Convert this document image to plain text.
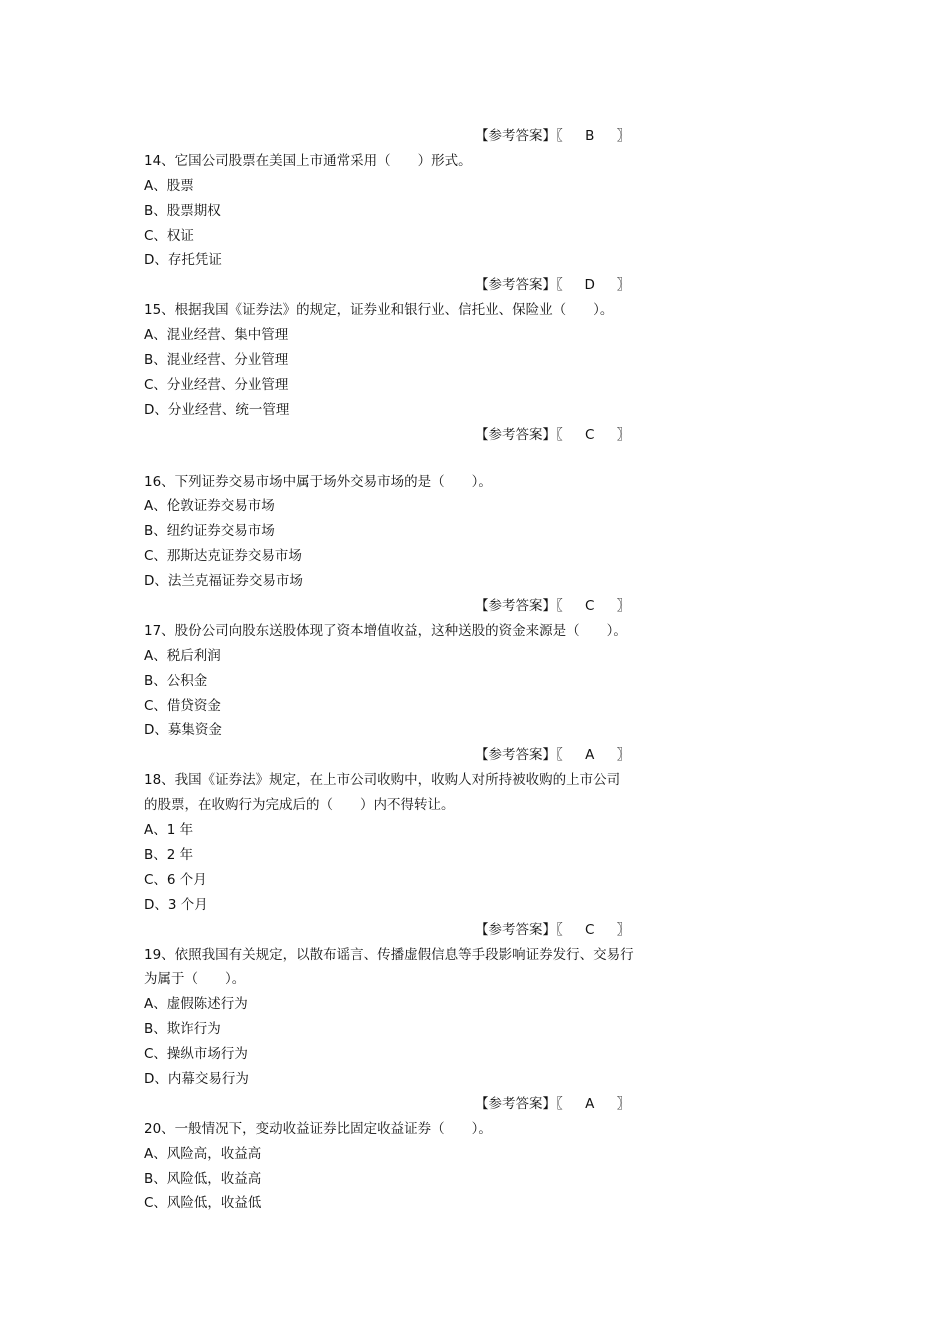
【参考答案】〖 B 〗
14、它国公司股票在美国上市通常采用（　　）形式。
A、股票
B、股票期权
C、权证
D、存托凭证
【参考答案】〖 D 〗
15、根据我国《证券法》的规定，证券业和银行业、信托业、保险业（　　）。
A、混业经营、集中管理
B、混业经营、分业管理
C、分业经营、分业管理
D、分业经营、统一管理
【参考答案】〖 C 〗
16、下列证券交易市场中属于场外交易市场的是（　　）。
A、伦敦证券交易市场
B、纽约证券交易市场
C、那斯达克证券交易市场
D、法兰克福证券交易市场
【参考答案】〖 C 〗
17、股份公司向股东送股体现了资本增值收益，这种送股的资金来源是（　　）。
A、税后利润
B、公积金
C、借贷资金
D、募集资金
【参考答案】〖 A 〗
18、我国《证券法》规定，在上市公司收购中，收购人对所持被收购的上市公司
的股票，在收购行为完成后的（　　）内不得转让。
A、1 年
B、2 年
C、6 个月
D、3 个月
【参考答案】〖 C 〗
19、依照我国有关规定，以散布谣言、传播虚假信息等手段影响证券发行、交易行
为属于（　　）。
A、虚假陈述行为
B、欺诈行为
C、操纵市场行为
D、内幕交易行为
【参考答案】〖 A 〗
20、一般情况下，变动收益证券比固定收益证券（　　）。
A、风险高，收益高
B、风险低，收益高
C、风险低，收益低
